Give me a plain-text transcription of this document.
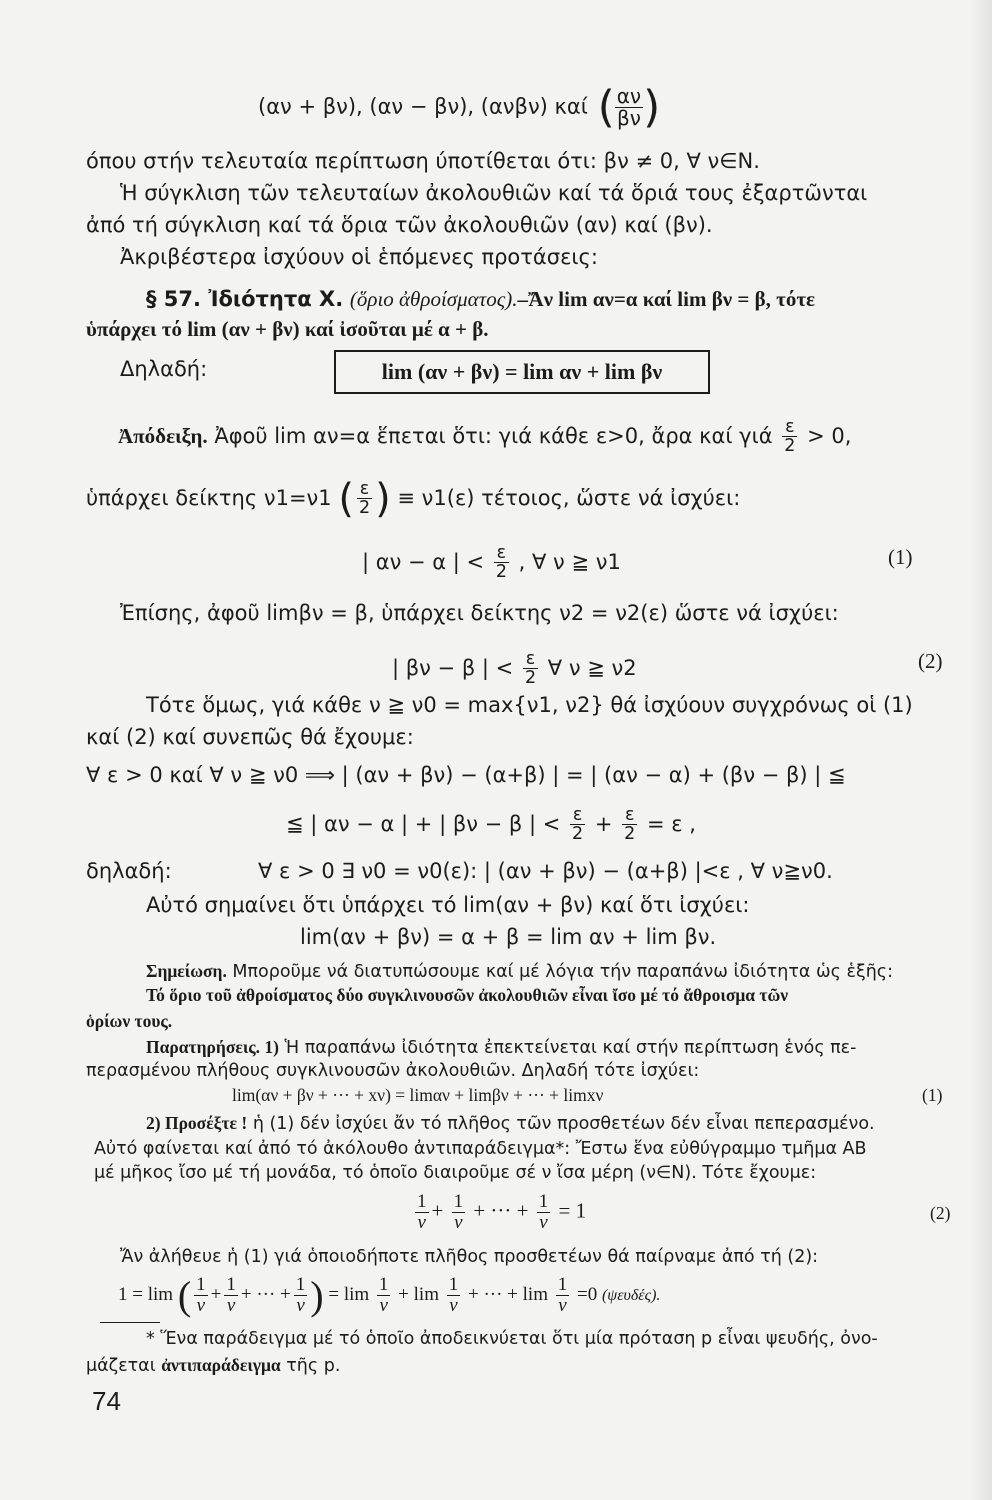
(αν + βν), (αν − βν), (ανβν) καί ( $\frac{\alpha\nu}{\beta\nu}$ )
όπου στήν τελευταία περίπτωση ύποτίθεται ότι: βν ≠ 0, ∀ ν∈N.
Ἡ σύγκλιση τῶν τελευταίων ἀκολουθιῶν καί τά ὅριά τους ἐξαρτῶνται
ἀπό τή σύγκλιση καί τά ὅρια τῶν ἀκολουθιῶν (αν) καί (βν).
Ἀκριβέστερα ἰσχύουν οἱ ἑπόμενες προτάσεις:
§ 57. Ἰδιότητα X. (ὅριο ἀθροίσματος).–Ἄν lim αν=α καί lim βν = β, τότε
ὑπάρχει τό lim (αν + βν) καί ἰσοῦται μέ α + β.
Δηλαδή:	lim (αν + βν) = lim αν + lim βν
Ἀπόδειξη. Ἀφοῦ lim αν=α ἕπεται ὅτι: γιά κάθε ε>0, ἄρα καί γιά $\frac{\varepsilon}{2} > 0$,
ὑπάρχει δείκτης ν1=ν1 ( $\frac{\varepsilon}{2}$ ) ≡ ν1(ε) τέτοιος, ὥστε νά ἰσχύει:
| αν − α | < $\frac{\varepsilon}{2}$ , ∀ ν ≧ ν1	(1)
Ἐπίσης, ἀφοῦ limβν = β, ὑπάρχει δείκτης ν2 = ν2(ε) ὥστε νά ἰσχύει:
| βν − β | < $\frac{\varepsilon}{2}$ ∀ ν ≧ ν2	(2)
Τότε ὅμως, γιά κάθε ν ≧ ν0 = max{ν1, ν2} θά ἰσχύουν συγχρόνως οἱ (1)
καί (2) καί συνεπῶς θά ἔχουμε:
∀ ε > 0 καί ∀ ν ≧ ν0 ⟹ | (αν + βν) − (α+β) | = | (αν − α) + (βν − β) | ≦
≦ | αν − α | + | βν − β | < $\frac{\varepsilon}{2} + \frac{\varepsilon}{2} = \varepsilon$ ,
δηλαδή:	∀ ε > 0 ∃ ν0 = ν0(ε): | (αν + βν) − (α+β) |<ε , ∀ ν≧ν0.
Αὐτό σημαίνει ὅτι ὑπάρχει τό lim(αν + βν) καί ὅτι ἰσχύει:
lim(αν + βν) = α + β = lim αν + lim βν.
Σημείωση. Μποροῦμε νά διατυπώσουμε καί μέ λόγια τήν παραπάνω ἰδιότητα ὡς ἑξῆς:
Τό ὅριο τοῦ ἀθροίσματος δύο συγκλινουσῶν ἀκολουθιῶν εἶναι ἴσο μέ τό ἄθροισμα τῶν
ὁρίων τους.
Παρατηρήσεις. 1) Ἡ παραπάνω ἰδιότητα ἐπεκτείνεται καί στήν περίπτωση ἑνός πε-
περασμένου πλήθους συγκλινουσῶν ἀκολουθιῶν. Δηλαδή τότε ἰσχύει:
lim(αν + βν + ··· + xν) = limαν + limβν + ··· + limxν	(1)
2) Προσέξτε ! ἡ (1) δέν ἰσχύει ἄν τό πλῆθος τῶν προσθετέων δέν εἶναι πεπερασμένο.
Αὐτό φαίνεται καί ἀπό τό ἀκόλουθο ἀντιπαράδειγμα*: Ἔστω ἕνα εὐθύγραμμο τμῆμα AB
μέ μῆκος ἴσο μέ τή μονάδα, τό ὁποῖο διαιροῦμε σέ ν ἴσα μέρη (ν∈N). Τότε ἔχουμε:
$\frac{1}{\nu} + \frac{1}{\nu}$ + ··· + $\frac{1}{\nu} = 1$	(2)
Ἄν ἀλήθευε ἡ (1) γιά ὁποιοδήποτε πλῆθος προσθετέων θά παίρναμε ἀπό τή (2):
1 = lim ( $\frac{1}{\nu} + \frac{1}{\nu}$ + ··· + $\frac{1}{\nu}$ ) = $\lim \frac{1}{\nu} + \lim \frac{1}{\nu}$ + ··· + $\lim \frac{1}{\nu} =0$ (ψευδές).
* Ἕνα παράδειγμα μέ τό ὁποῖο ἀποδεικνύεται ὅτι μία πρόταση p εἶναι ψευδής, ὀνο-
μάζεται ἀντιπαράδειγμα τῆς p.
74
